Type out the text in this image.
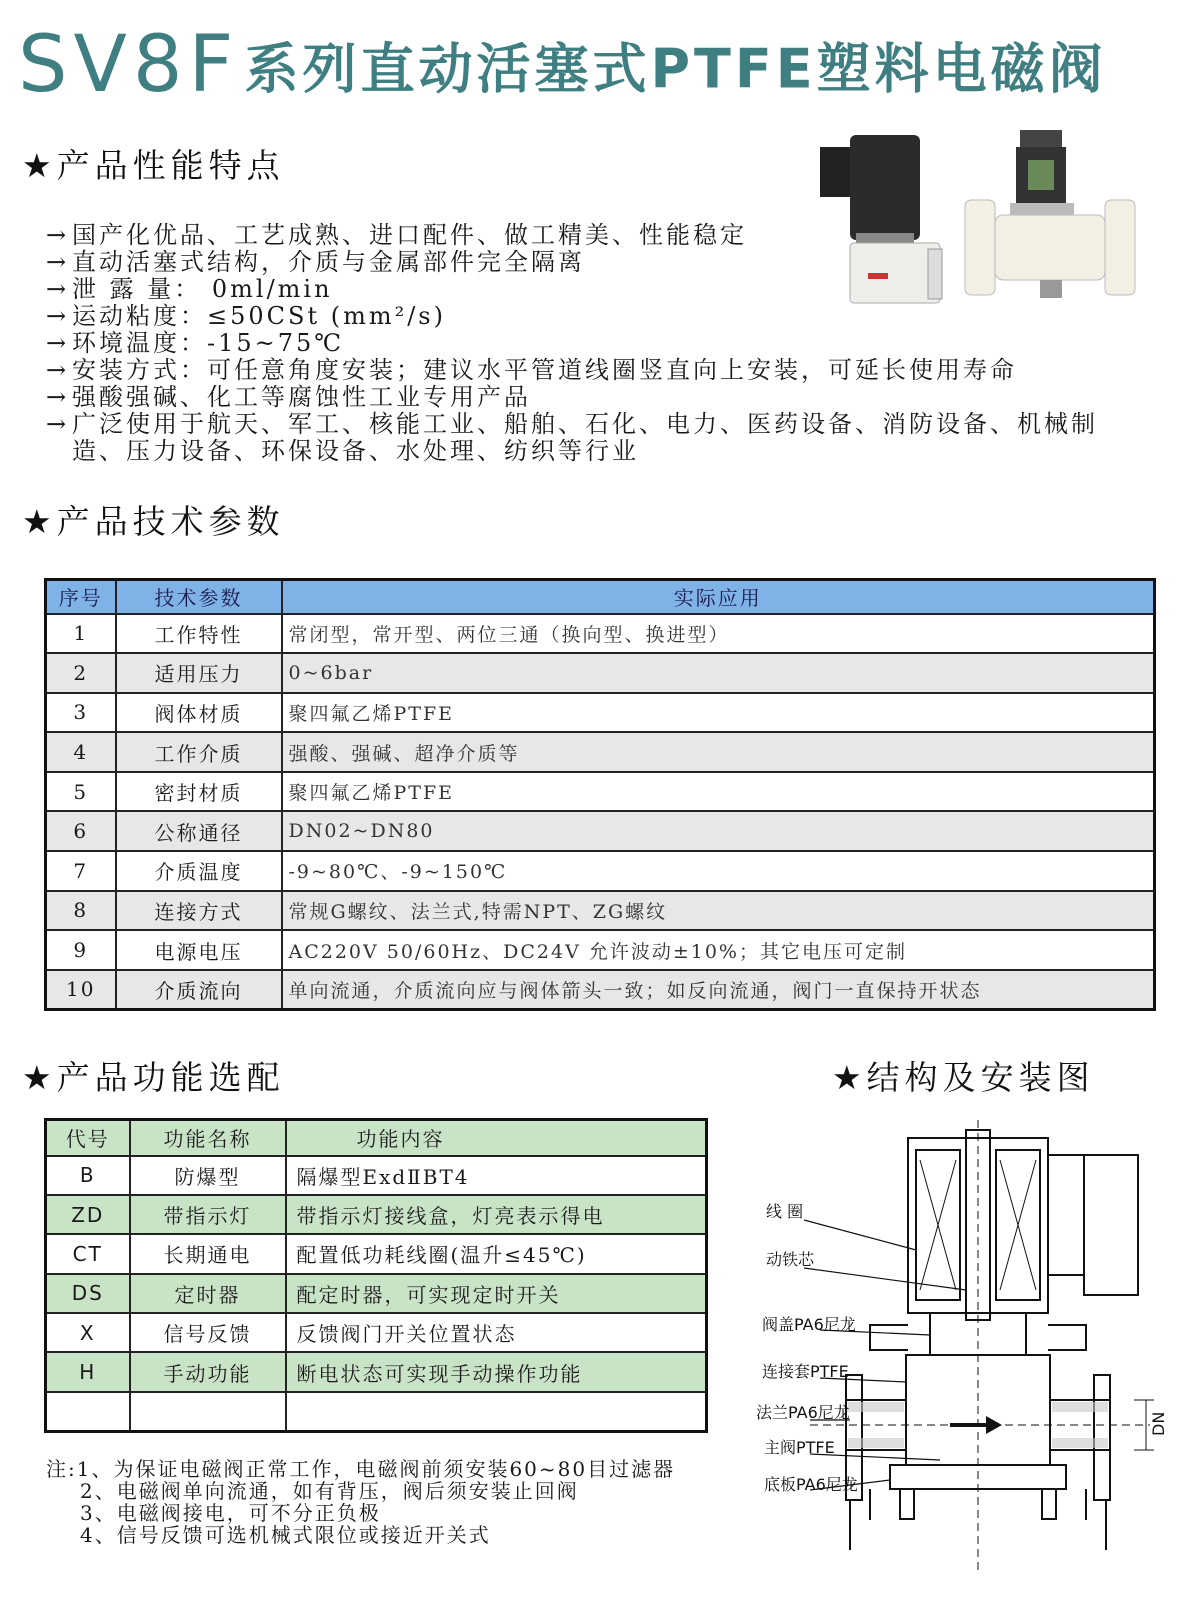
SV8F 系列直动活塞式PTFE塑料电磁阀
★产品性能特点
→ 国产化优品、工艺成熟、进口配件、做工精美、性能稳定
→ 直动活塞式结构，介质与金属部件完全隔离
→ 泄 露 量： 0ml/min
→ 运动粘度：≤50CSt (mm²/s)
→ 环境温度：-15~75℃
→ 安装方式：可任意角度安装；建议水平管道线圈竖直向上安装，可延长使用寿命
→ 强酸强碱、化工等腐蚀性工业专用产品
→ 广泛使用于航天、军工、核能工业、船舶、石化、电力、医药设备、消防设备、机械制造、压力设备、环保设备、水处理、纺织等行业
★产品技术参数
序号	技术参数	实际应用
1	工作特性	常闭型，常开型、两位三通（换向型、换进型）
2	适用压力	0~6bar
3	阀体材质	聚四氟乙烯PTFE
4	工作介质	强酸、强碱、超净介质等
5	密封材质	聚四氟乙烯PTFE
6	公称通径	DN02~DN80
7	介质温度	-9~80℃、-9~150℃
8	连接方式	常规G螺纹、法兰式,特需NPT、ZG螺纹
9	电源电压	AC220V 50/60Hz、DC24V 允许波动±10%；其它电压可定制
10	介质流向	单向流通，介质流向应与阀体箭头一致；如反向流通，阀门一直保持开状态
★产品功能选配	★结构及安装图
代号	功能名称	功能内容
B	防爆型	隔爆型ExdⅡBT4
ZD	带指示灯	带指示灯接线盒，灯亮表示得电
CT	长期通电	配置低功耗线圈(温升≤45℃)
DS	定时器	配定时器，可实现定时开关
X	信号反馈	反馈阀门开关位置状态
H	手动功能	断电状态可实现手动操作功能

注:1、为保证电磁阀正常工作，电磁阀前须安装60~80目过滤器
2、电磁阀单向流通，如有背压，阀后须安装止回阀
3、电磁阀接电，可不分正负极
4、信号反馈可选机械式限位或接近开关式
线 圈
动铁芯
阀盖PA6尼龙
连接套PTFE
法兰PA6尼龙
主阀PTFE
底板PA6尼龙
DN
